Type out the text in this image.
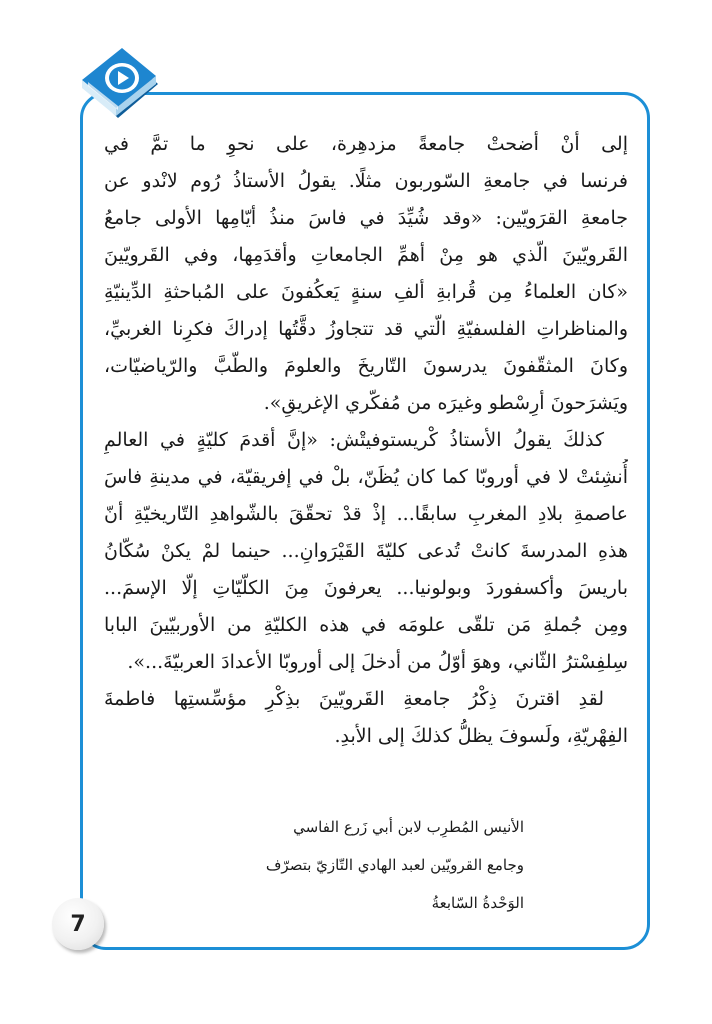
إلى أنْ أضحتْ جامعةً مزدهِرة، على نحوِ ما تمَّ في
فرنسا في جامعةِ السّوربون مثلًا. يقولُ الأستاذُ رُوم لانْدو عن
جامعةِ القرَويّين: «وقد شُيِّدَ في فاسَ منذُ أيّامِها الأولى جامعُ
القَرويّينَ الّذي هو مِنْ أهمِّ الجامعاتِ وأقدَمِها، وفي القَرويّينَ
«كان العلماءُ مِن قُرابةِ ألفِ سنةٍ يَعكُفونَ على المُباحثةِ الدِّينيّةِ
والمناظراتِ الفلسفيّةِ الّتي قد تتجاوزُ دقَّتُها إدراكَ فكرِنا الغربيِّ،
وكانَ المثقّفونَ يدرسونَ التّاريخَ والعلومَ والطّبَّ والرّياضيّات،
ويَشرَحونَ أرِسْطو وغيرَه من مُفكّري الإغريقِ».
كذلكَ يقولُ الأستاذُ كْريستوفيتْش: «إنَّ أقدمَ كليّةٍ في العالمِ
أُنشِئتْ لا في أوروبّا كما كان يُظَنّ، بلْ في إفريقيّة، في مدينةِ فاسَ
عاصمةِ بلادِ المغربِ سابقًا... إذْ قدْ تحقّقَ بالشّواهدِ التّاريخيّةِ أنّ
هذهِ المدرسةَ كانتْ تُدعى كليّةَ القَيْرَوانِ... حينما لمْ يكنْ سُكّانُ
باريسَ وأكسفوردَ وبولونيا... يعرفونَ مِنَ الكلّيّاتِ إلّا الإسمَ...
ومِن جُملةِ مَن تلقّى علومَه في هذه الكليّةِ من الأوربيّينَ البابا
سِلفِسْترُ الثّاني، وهوَ أوّلُ من أدخلَ إلى أوروبّا الأعدادَ العربيّةَ...».
لقدِ اقترنَ ذِكْرُ جامعةِ القَرويّينَ بذِكْرِ مؤسِّستِها فاطمةَ
الفِهْريّةِ، ولَسوفَ يظلُّ كذلكَ إلى الأبدِ.
الأنيس المُطرِب لابن أبي زَرع الفاسي
وجامع القرويّين لعبد الهادي التّازيّ بتصرّف
الوَحْدةُ السّابعةُ
7
